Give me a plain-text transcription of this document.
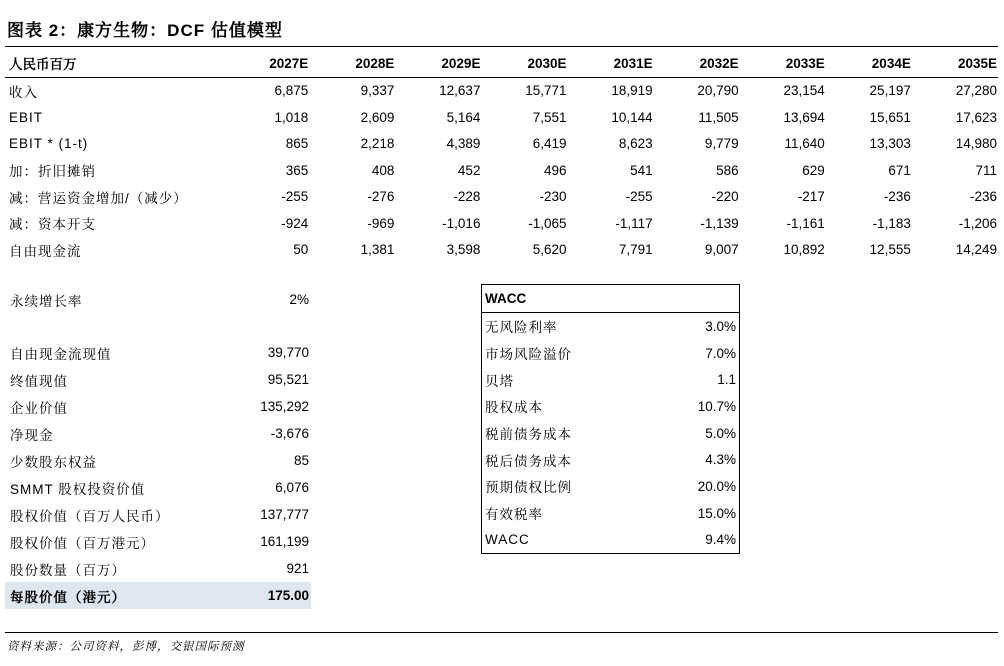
图表 2：康方生物：DCF 估值模型
人民币百万	2027E	2028E	2029E	2030E	2031E	2032E	2033E	2034E	2035E
收入	6,875	9,337	12,637	15,771	18,919	20,790	23,154	25,197	27,280
EBIT	1,018	2,609	5,164	7,551	10,144	11,505	13,694	15,651	17,623
EBIT * (1-t)	865	2,218	4,389	6,419	8,623	9,779	11,640	13,303	14,980
加：折旧摊销	365	408	452	496	541	586	629	671	711
减：营运资金增加/（减少）	-255	-276	-228	-230	-255	-220	-217	-236	-236
减：资本开支	-924	-969	-1,016	-1,065	-1,117	-1,139	-1,161	-1,183	-1,206
自由现金流	50	1,381	3,598	5,620	7,791	9,007	10,892	12,555	14,249
永续增长率	2%

自由现金流现值	39,770
终值现值	95,521
企业价值	135,292
净现金	-3,676
少数股东权益	85
SMMT 股权投资价值	6,076
股权价值（百万人民币）	137,777
股权价值（百万港元）	161,199
股份数量（百万）	921
每股价值（港元）	175.00
WACC	
无风险利率	3.0%
市场风险溢价	7.0%
贝塔	1.1
股权成本	10.7%
税前债务成本	5.0%
税后债务成本	4.3%
预期债权比例	20.0%
有效税率	15.0%
WACC	9.4%
资料来源：公司资料，彭博，交银国际预测
